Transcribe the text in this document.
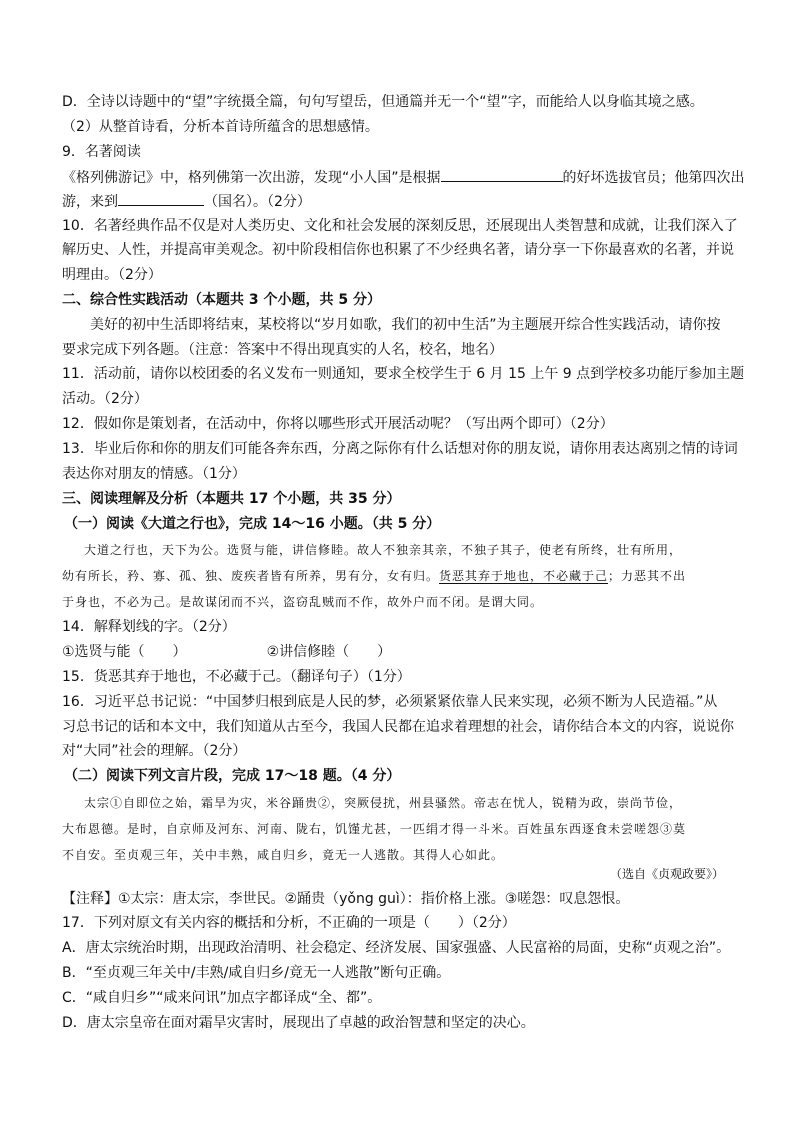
D．全诗以诗题中的“望”字统摄全篇，句句写望岳，但通篇并无一个“望”字，而能给人以身临其境之感。
（2）从整首诗看，分析本首诗所蕴含的思想感情。
9．名著阅读
《格列佛游记》中，格列佛第一次出游，发现“小人国”是根据	的好坏选拔官员；他第四次出
游，来到	（国名）。（2分）
10．名著经典作品不仅是对人类历史、文化和社会发展的深刻反思，还展现出人类智慧和成就，让我们深入了
解历史、人性，并提高审美观念。初中阶段相信你也积累了不少经典名著，请分享一下你最喜欢的名著，并说
明理由。（2分）
二、综合性实践活动（本题共 3 个小题，共 5 分）
美好的初中生活即将结束，某校将以“岁月如歌，我们的初中生活”为主题展开综合性实践活动，请你按
要求完成下列各题。（注意：答案中不得出现真实的人名，校名，地名）
11．活动前，请你以校团委的名义发布一则通知，要求全校学生于 6 月 15 上午 9 点到学校多功能厅参加主题
活动。（2分）
12．假如你是策划者，在活动中，你将以哪些形式开展活动呢？（写出两个即可）（2分）
13．毕业后你和你的朋友们可能各奔东西，分离之际你有什么话想对你的朋友说，请你用表达离别之情的诗词
表达你对朋友的情感。（1分）
三、阅读理解及分析（本题共 17 个小题，共 35 分）
（一）阅读《大道之行也》，完成 14～16 小题。（共 5 分）
大道之行也，天下为公。选贤与能，讲信修睦。故人不独亲其亲，不独子其子，使老有所终，壮有所用，
幼有所长，矜、寡、孤、独、废疾者皆有所养，男有分，女有归。货恶其弃于地也，不必藏于己；力恶其不出
于身也，不必为己。是故谋闭而不兴，盗窃乱贼而不作，故外户而不闭。是谓大同。
14．解释划线的字。（2分）
①选贤与能（　　）	②讲信修睦（　　）
15．货恶其弃于地也，不必藏于己。（翻译句子）（1分）
16．习近平总书记说：“中国梦归根到底是人民的梦，必须紧紧依靠人民来实现，必须不断为人民造福。”从
习总书记的话和本文中，我们知道从古至今，我国人民都在追求着理想的社会，请你结合本文的内容，说说你
对“大同”社会的理解。（2分）
（二）阅读下列文言片段，完成 17～18 题。（4 分）
太宗①自即位之始，霜旱为灾，米谷踊贵②，突厥侵扰，州县骚然。帝志在忧人，锐精为政，崇尚节俭，
大布恩德。是时，自京师及河东、河南、陇右，饥馑尤甚，一匹绢才得一斗米。百姓虽东西逐食未尝嗟怨③莫
不自安。至贞观三年，关中丰熟，咸自归乡，竟无一人逃散。其得人心如此。
（选自《贞观政要》）
【注释】①太宗：唐太宗，李世民。②踊贵（yǒng guì）：指价格上涨。③嗟怨：叹息怨恨。
17．下列对原文有关内容的概括和分析，不正确的一项是（　　）（2分）
A．唐太宗统治时期，出现政治清明、社会稳定、经济发展、国家强盛、人民富裕的局面，史称“贞观之治”。
B．“至贞观三年关中/丰熟/咸自归乡/竟无一人逃散”断句正确。
C．“咸自归乡”“咸来问讯”加点字都译成“全、都”。
D．唐太宗皇帝在面对霜旱灾害时，展现出了卓越的政治智慧和坚定的决心。
